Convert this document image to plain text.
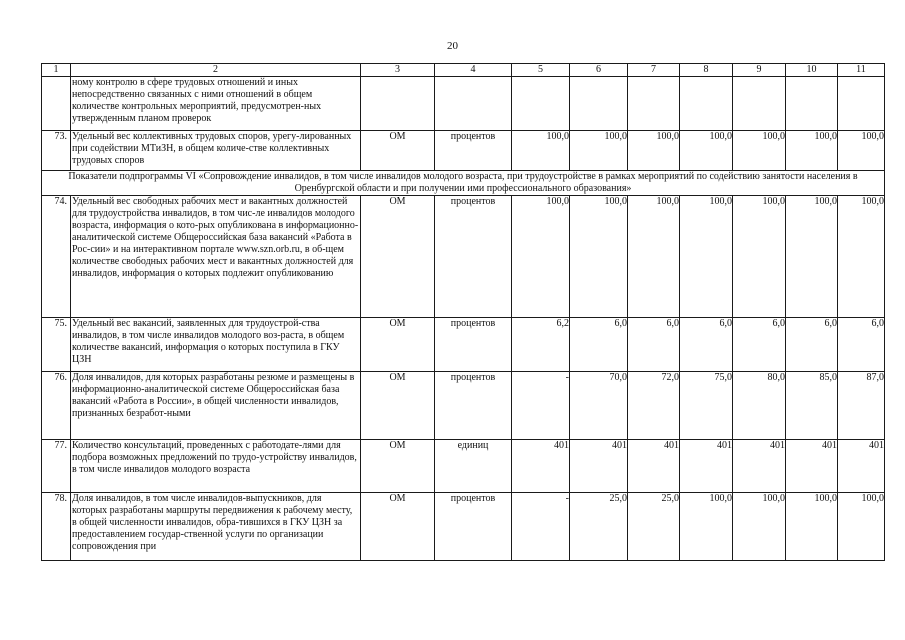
20
1	2	3	4	5	6	7	8	9	10	11
	ному контролю в сфере трудовых отношений и иных непосредственно связанных с ними отношений в общем количестве контрольных мероприятий, предусмотрен-ных утвержденным планом проверок									
73.	Удельный вес коллективных трудовых споров, урегу-лированных при содействии МТиЗН, в общем количе-стве коллективных трудовых споров	ОМ	процентов	100,0	100,0	100,0	100,0	100,0	100,0	100,0
Показатели подпрограммы VI «Сопровождение инвалидов, в том числе инвалидов молодого возраста, при трудоустройстве в рамках мероприятий по содействию занятости населения в Оренбургской области и при получении ими профессионального образования»										
74.	Удельный вес свободных рабочих мест и вакантных должностей для трудоустройства инвалидов, в том чис-ле инвалидов молодого возраста, информация о кото-рых опубликована в информационно-аналитической системе Общероссийская база вакансий «Работа в Рос-сии» и на интерактивном портале www.szn.orb.ru, в об-щем количестве свободных рабочих мест и вакантных должностей для инвалидов, информация о которых подлежит опубликованию	ОМ	процентов	100,0	100,0	100,0	100,0	100,0	100,0	100,0
75.	Удельный вес вакансий, заявленных для трудоустрой-ства инвалидов, в том числе инвалидов молодого воз-раста, в общем количестве вакансий, информация о которых поступила в ГКУ ЦЗН	ОМ	процентов	6,2	6,0	6,0	6,0	6,0	6,0	6,0
76.	Доля инвалидов, для которых разработаны резюме и размещены в информационно-аналитической системе Общероссийская база вакансий «Работа в России», в общей численности инвалидов, признанных безработ-ными	ОМ	процентов	-	70,0	72,0	75,0	80,0	85,0	87,0
77.	Количество консультаций, проведенных с работодате-лями для подбора возможных предложений по трудо-устройству инвалидов, в том числе инвалидов молодого возраста	ОМ	единиц	401	401	401	401	401	401	401
78.	Доля инвалидов, в том числе инвалидов-выпускников, для которых разработаны маршруты передвижения к рабочему месту, в общей численности инвалидов, обра-тившихся в ГКУ ЦЗН за предоставлением государ-ственной услуги по организации сопровождения при	ОМ	процентов	-	25,0	25,0	100,0	100,0	100,0	100,0
